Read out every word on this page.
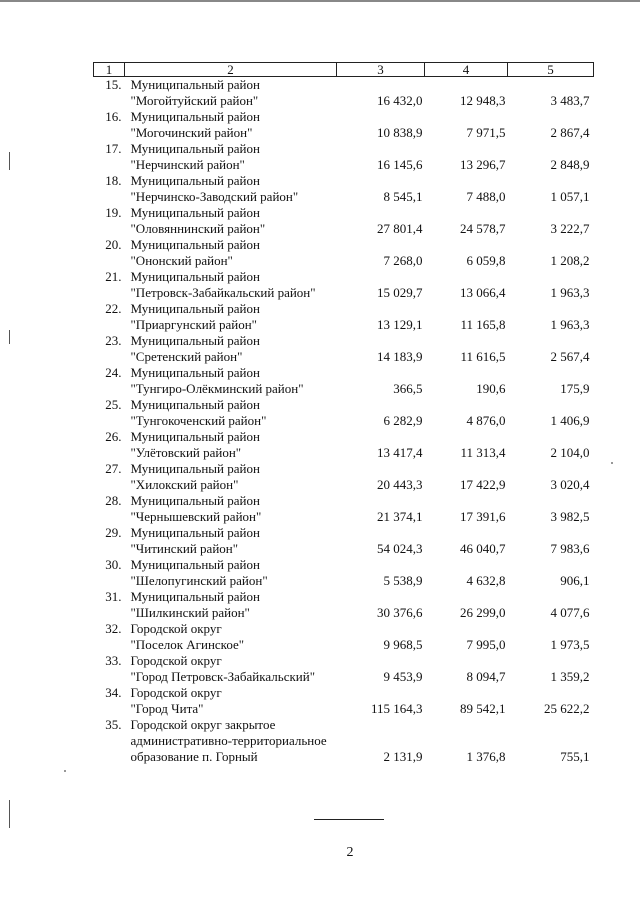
1	2	3	4	5
15.	Муниципальный район
"Могойтуйский район"	16 432,0	12 948,3	3 483,7
16.	Муниципальный район
"Могочинский район"	10 838,9	7 971,5	2 867,4
17.	Муниципальный район
"Нерчинский район"	16 145,6	13 296,7	2 848,9
18.	Муниципальный район
"Нерчинско-Заводский район"	8 545,1	7 488,0	1 057,1
19.	Муниципальный район
"Оловяннинский район"	27 801,4	24 578,7	3 222,7
20.	Муниципальный район
"Ононский район"	7 268,0	6 059,8	1 208,2
21.	Муниципальный район
"Петровск-Забайкальский район"	15 029,7	13 066,4	1 963,3
22.	Муниципальный район
"Приаргунский район"	13 129,1	11 165,8	1 963,3
23.	Муниципальный район
"Сретенский район"	14 183,9	11 616,5	2 567,4
24.	Муниципальный район
"Тунгиро-Олёкминский район"	366,5	190,6	175,9
25.	Муниципальный район
"Тунгокоченский район"	6 282,9	4 876,0	1 406,9
26.	Муниципальный район
"Улётовский район"	13 417,4	11 313,4	2 104,0
27.	Муниципальный район
"Хилокский район"	20 443,3	17 422,9	3 020,4
28.	Муниципальный район
"Чернышевский район"	21 374,1	17 391,6	3 982,5
29.	Муниципальный район
"Читинский район"	54 024,3	46 040,7	7 983,6
30.	Муниципальный район
"Шелопугинский район"	5 538,9	4 632,8	906,1
31.	Муниципальный район
"Шилкинский район"	30 376,6	26 299,0	4 077,6
32.	Городской округ
"Поселок Агинское"	9 968,5	7 995,0	1 973,5
33.	Городской округ
"Город Петровск-Забайкальский"	9 453,9	8 094,7	1 359,2
34.	Городской округ
"Город Чита"	115 164,3	89 542,1	25 622,2
35.	Городской округ закрытое
административно-территориальное
образование п. Горный	2 131,9	1 376,8	755,1
2
